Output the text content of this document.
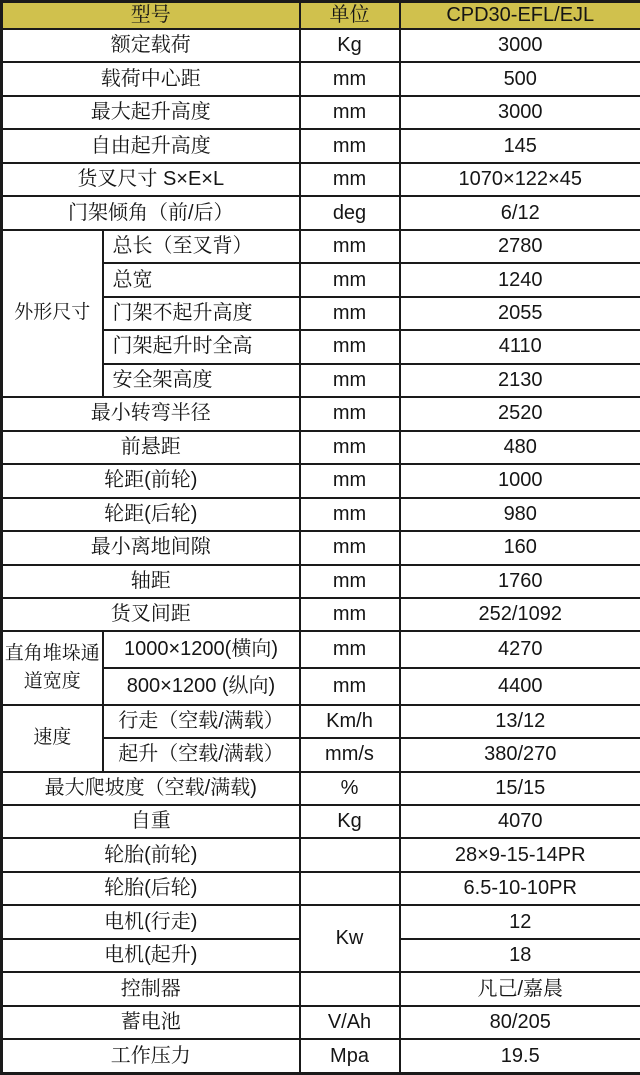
型号		单位	CPD30-EFL/EJL
额定载荷		Kg	3000
载荷中心距		mm	500
最大起升高度		mm	3000
自由起升高度		mm	145
货叉尺寸 S×E×L		mm	1070×122×45
门架倾角（前/后）		deg	6/12
外形尺寸	总长（至叉背）	mm	2780
	总宽	mm	1240
	门架不起升高度	mm	2055
	门架起升时全高	mm	4110
	安全架高度	mm	2130
最小转弯半径		mm	2520
前悬距		mm	480
轮距(前轮)		mm	1000
轮距(后轮)		mm	980
最小离地间隙		mm	160
轴距		mm	1760
货叉间距		mm	252/1092
直角堆垛通道宽度	1000×1200(横向)	mm	4270
	800×1200 (纵向)	mm	4400
速度	行走（空载/满载）	Km/h	13/12
	起升（空载/满载）	mm/s	380/270
最大爬坡度（空载/满载)		%	15/15
自重		Kg	4070
轮胎(前轮)			28×9-15-14PR
轮胎(后轮)			6.5-10-10PR
电机(行走)		Kw	12
电机(起升)			18
控制器			凡己/嘉晨
蓄电池		V/Ah	80/205
工作压力		Mpa	19.5
